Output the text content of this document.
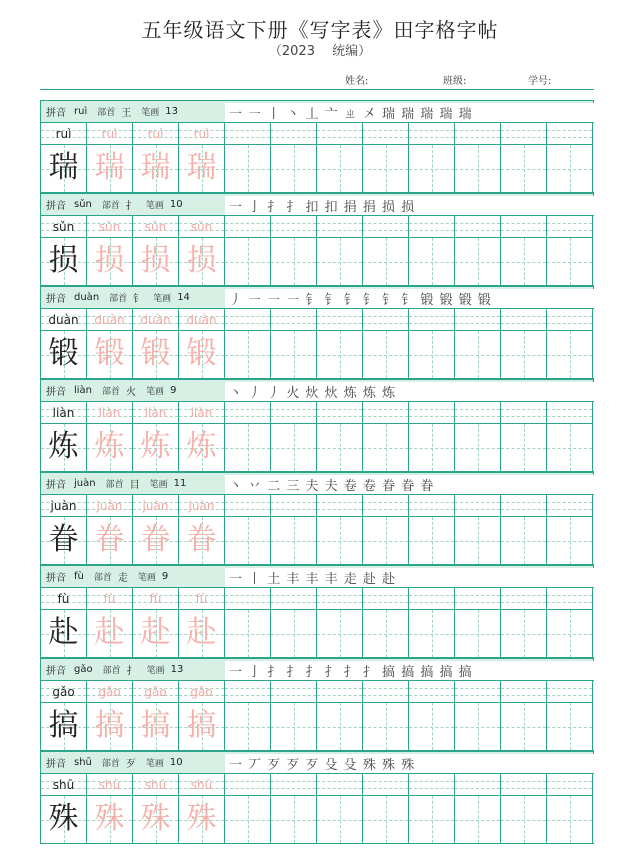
五年级语文下册《写字表》田字格字帖
（2023　 统编）
姓名:	班级:	学号:
拼音 ruì 部首 王 笔画 13	一 ㇐ 丨 丶 丄 亠 ㄓ 㐅 瑞 瑞 瑞 瑞 瑞
ruì	ruì	ruì	ruì
瑞 瑞 瑞 瑞
拼音 sǔn 部首 扌 笔画 10	一 亅 扌 扌 扣 扣 捐 捐 损 损
sǔn	sǔn	sǔn	sǔn
损 损 损 损
拼音 duàn 部首 钅 笔画 14	丿 ㇐ ㇐ ㇐ 钅 钅 钅 钅 钅 钅 锻 锻 锻 锻
duàn	duàn	duàn	duàn
锻 锻 锻 锻
拼音 liàn 部首 火 笔画 9	丶 丿 丿 火 炏 炏 炼 炼 炼
liàn	liàn	liàn	liàn
炼 炼 炼 炼
拼音 juàn 部首 目 笔画 11	丶 丷 二 三 夫 夫 卷 卷 眷 眷 眷
juàn	juàn	juàn	juàn
眷 眷 眷 眷
拼音 fù 部首 走 笔画 9	一 丨 土 丰 丰 丰 走 赴 赴
fù	fù	fù	fù
赴 赴 赴 赴
拼音 gǎo 部首 扌 笔画 13	一 亅 扌 扌 扌 扌 扌 扌 搞 搞 搞 搞 搞
gǎo	gǎo	gǎo	gǎo
搞 搞 搞 搞
拼音 shū 部首 歹 笔画 10	一 丆 歹 歹 歹 殳 殳 殊 殊 殊
shū	shū	shū	shū
殊 殊 殊 殊
